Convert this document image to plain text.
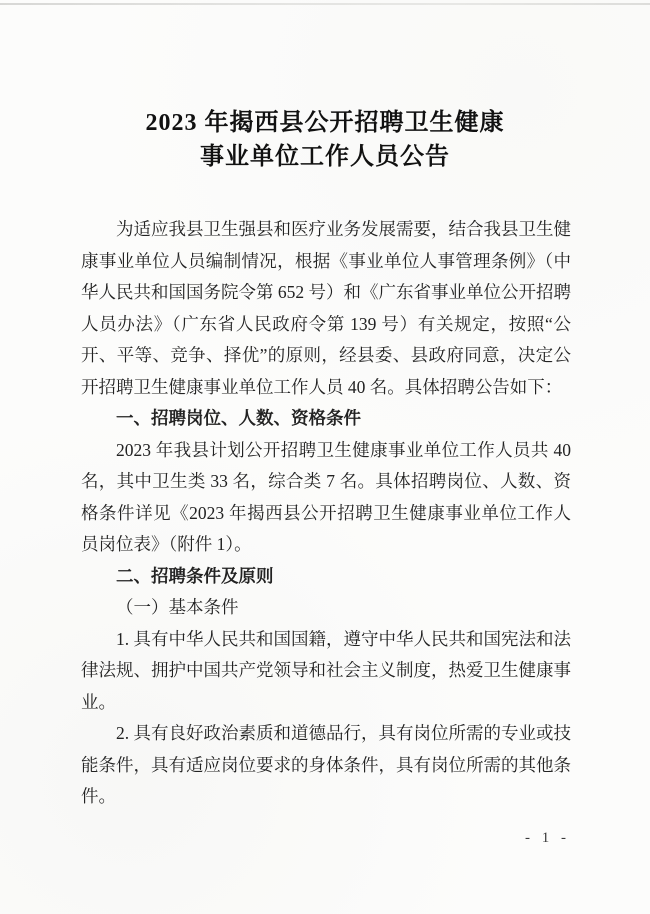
2023 年揭西县公开招聘卫生健康
事业单位工作人员公告

为适应我县卫生强县和医疗业务发展需要，结合我县卫生健康事业单位人员编制情况，根据《事业单位人事管理条例》（中华人民共和国国务院令第 652 号）和《广东省事业单位公开招聘人员办法》（广东省人民政府令第 139 号）有关规定，按照“公开、平等、竞争、择优”的原则，经县委、县政府同意，决定公开招聘卫生健康事业单位工作人员 40 名。具体招聘公告如下：

一、招聘岗位、人数、资格条件

2023 年我县计划公开招聘卫生健康事业单位工作人员共 40 名，其中卫生类 33 名，综合类 7 名。具体招聘岗位、人数、资格条件详见《2023 年揭西县公开招聘卫生健康事业单位工作人员岗位表》（附件 1）。

二、招聘条件及原则

（一）基本条件

1. 具有中华人民共和国国籍，遵守中华人民共和国宪法和法律法规、拥护中国共产党领导和社会主义制度，热爱卫生健康事业。

2. 具有良好政治素质和道德品行，具有岗位所需的专业或技能条件，具有适应岗位要求的身体条件，具有岗位所需的其他条件。

- 1 -
